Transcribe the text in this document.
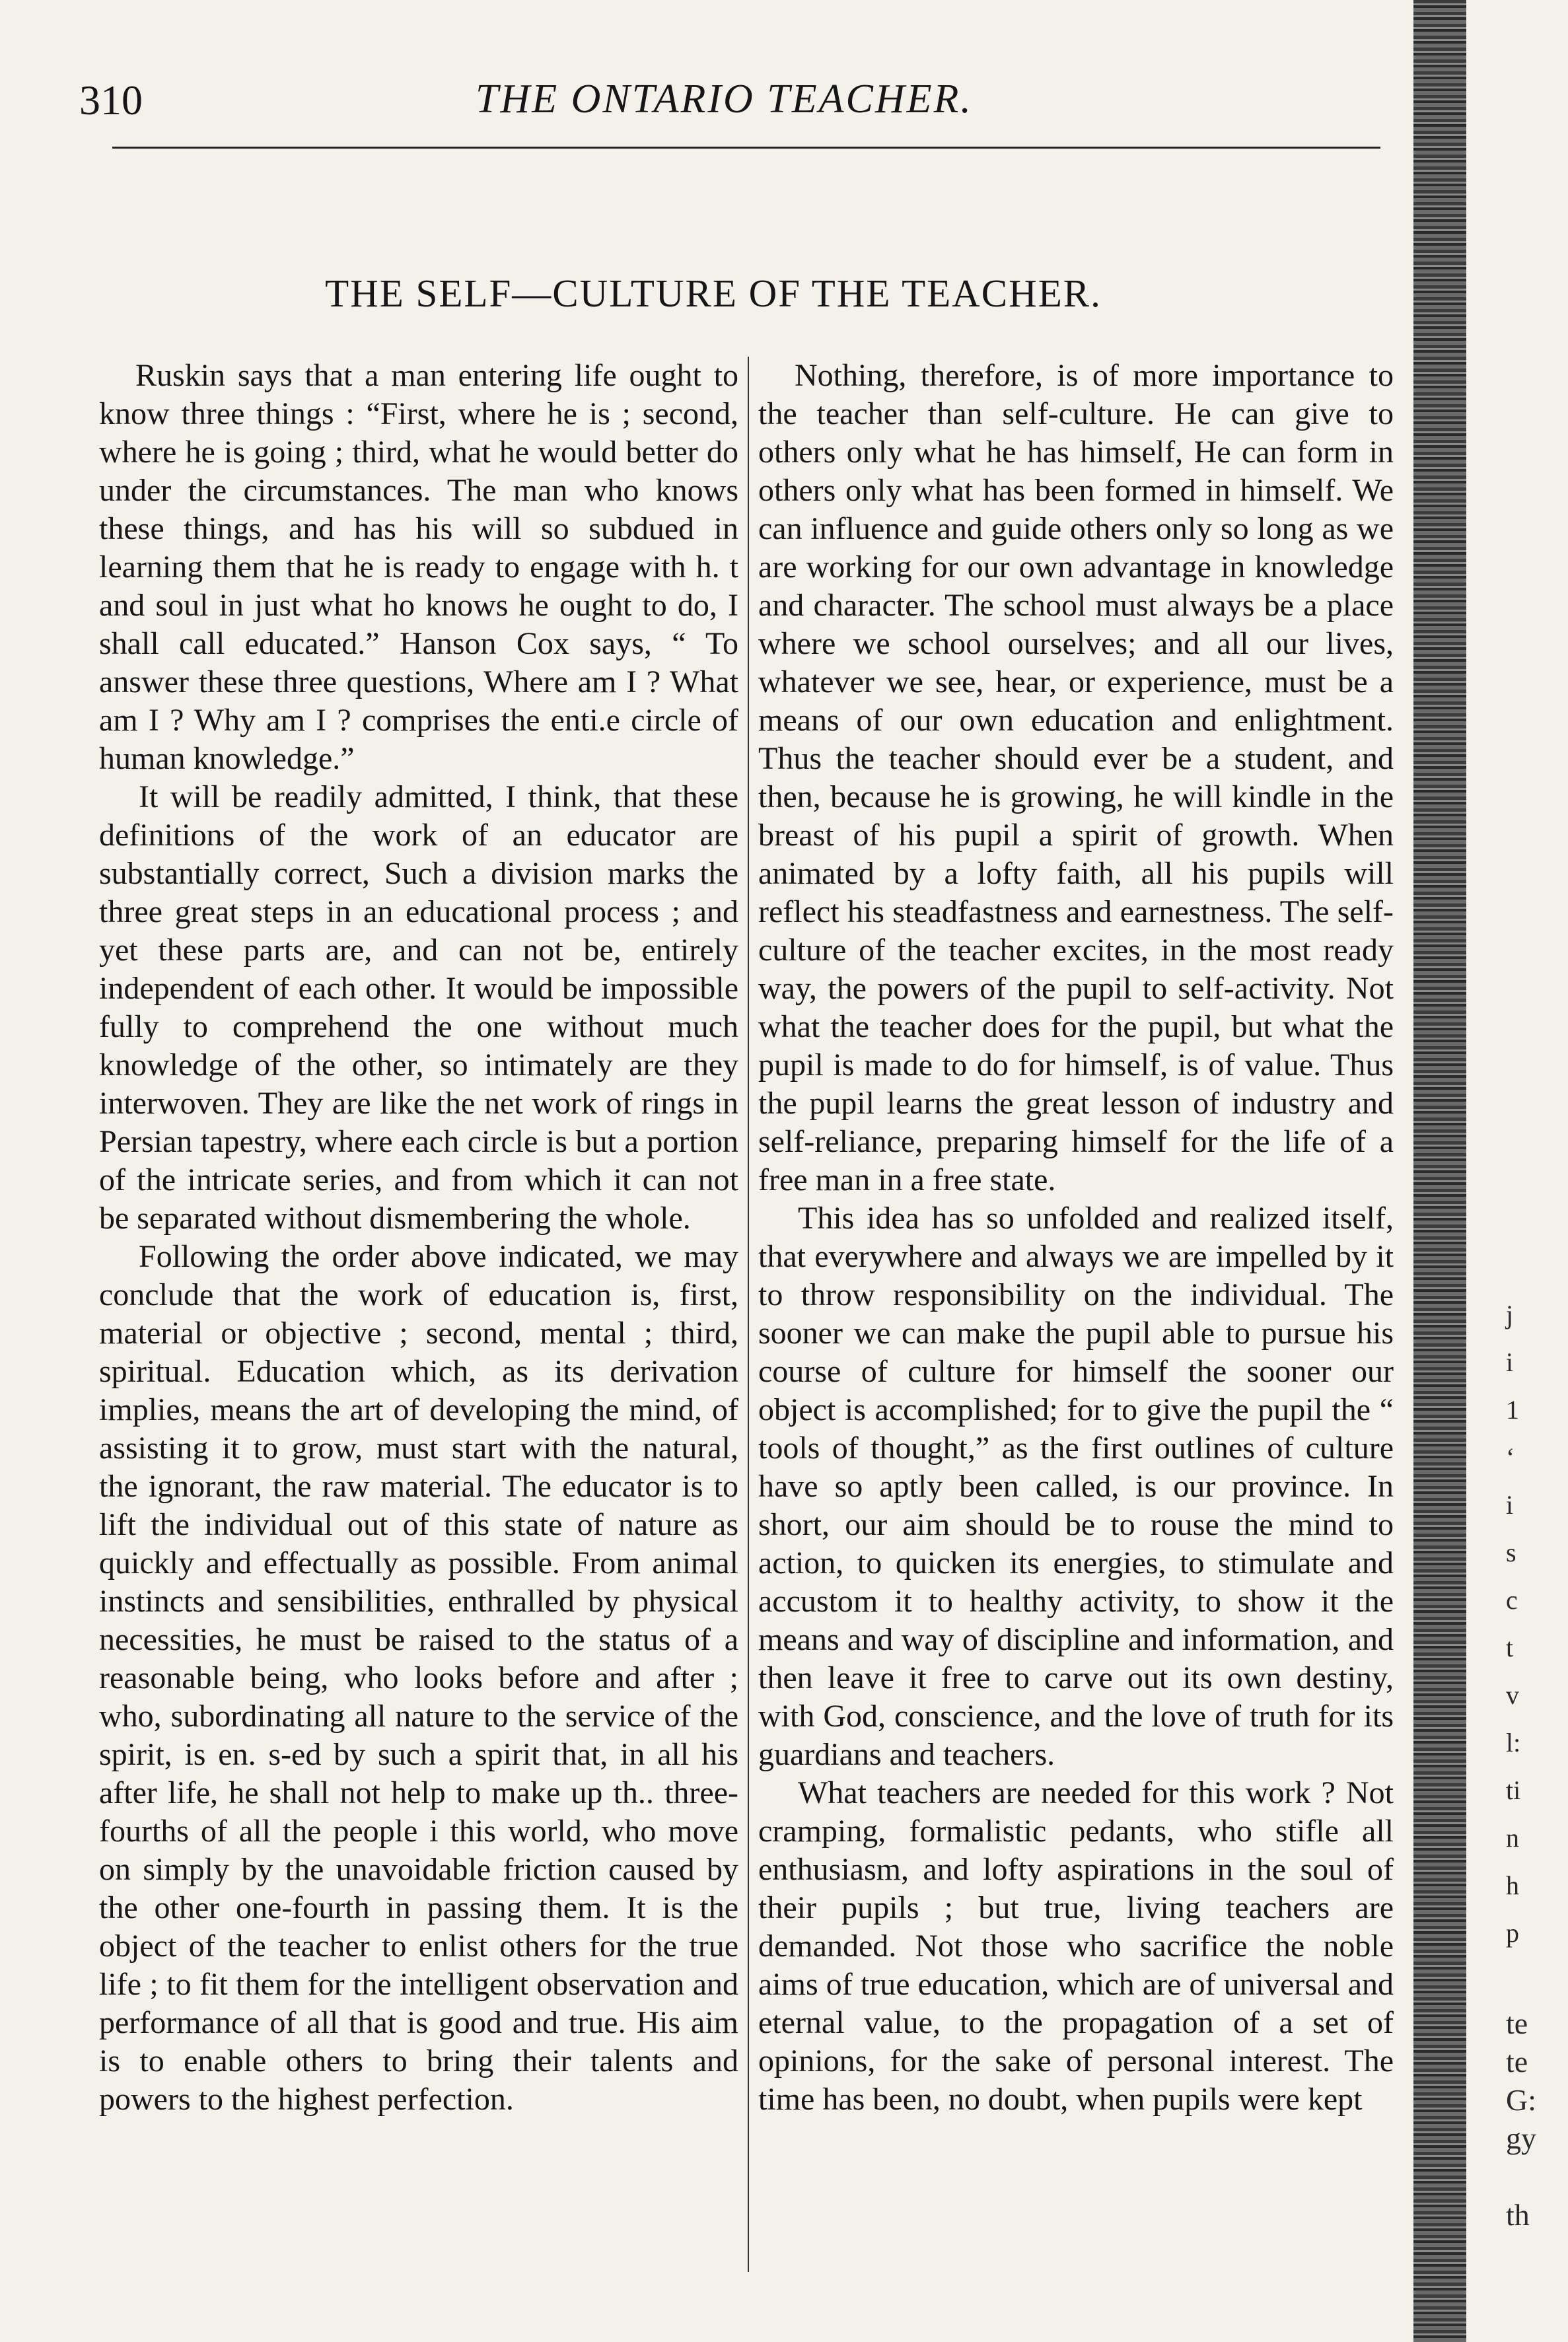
310	THE ONTARIO TEACHER.
THE SELF—CULTURE OF THE TEACHER.

Ruskin says that a man entering life ought to know three things : “First, where he is ; second, where he is going ; third, what he would better do under the circumstances. The man who knows these things, and has his will so subdued in learning them that he is ready to engage with h. t and soul in just what ho knows he ought to do, I shall call educated.” Hanson Cox says, “ To answer these three questions, Where am I ? What am I ? Why am I ? comprises the enti.e circle of human knowledge.”

It will be readily admitted, I think, that these definitions of the work of an educator are substantially correct, Such a division marks the three great steps in an educational process ; and yet these parts are, and can not be, entirely independent of each other. It would be impossible fully to comprehend the one without much knowledge of the other, so intimately are they interwoven. They are like the net work of rings in Persian tapestry, where each circle is but a portion of the intricate series, and from which it can not be separated without dismembering the whole.

Following the order above indicated, we may conclude that the work of education is, first, material or objective ; second, mental ; third, spiritual. Education which, as its derivation implies, means the art of developing the mind, of assisting it to grow, must start with the natural, the ignorant, the raw material. The educator is to lift the individual out of this state of nature as quickly and effectually as possible. From animal instincts and sensibilities, enthralled by physical necessities, he must be raised to the status of a reasonable being, who looks before and after ; who, subordinating all nature to the service of the spirit, is en. s-ed by such a spirit that, in all his after life, he shall not help to make up th.. three-fourths of all the people i this world, who move on simply by the unavoidable friction caused by the other one-fourth in passing them. It is the object of the teacher to enlist others for the true life ; to fit them for the intelligent observation and performance of all that is good and true. His aim is to enable others to bring their talents and powers to the highest perfection.

Nothing, therefore, is of more importance to the teacher than self-culture. He can give to others only what he has himself, He can form in others only what has been formed in himself. We can influence and guide others only so long as we are working for our own advantage in knowledge and character. The school must always be a place where we school ourselves; and all our lives, whatever we see, hear, or experience, must be a means of our own education and enlightment. Thus the teacher should ever be a student, and then, because he is growing, he will kindle in the breast of his pupil a spirit of growth. When animated by a lofty faith, all his pupils will reflect his steadfastness and earnestness. The self-culture of the teacher excites, in the most ready way, the powers of the pupil to self-activity. Not what the teacher does for the pupil, but what the pupil is made to do for himself, is of value. Thus the pupil learns the great lesson of industry and self-reliance, preparing himself for the life of a free man in a free state.

This idea has so unfolded and realized itself, that everywhere and always we are impelled by it to throw responsibility on the individual. The sooner we can make the pupil able to pursue his course of culture for himself the sooner our object is accomplished; for to give the pupil the “ tools of thought,” as the first outlines of culture have so aptly been called, is our province. In short, our aim should be to rouse the mind to action, to quicken its energies, to stimulate and accustom it to healthy activity, to show it the means and way of discipline and information, and then leave it free to carve out its own destiny, with God, conscience, and the love of truth for its guardians and teachers.

What teachers are needed for this work ? Not cramping, formalistic pedants, who stifle all enthusiasm, and lofty aspirations in the soul of their pupils ; but true, living teachers are demanded. Not those who sacrifice the noble aims of true education, which are of universal and eternal value, to the propagation of a set of opinions, for the sake of personal interest. The time has been, no doubt, when pupils were kept

j
i
1
‘
i
s
c
t
v
l:
ti
n
h
p
te
te
G:
gy

th
